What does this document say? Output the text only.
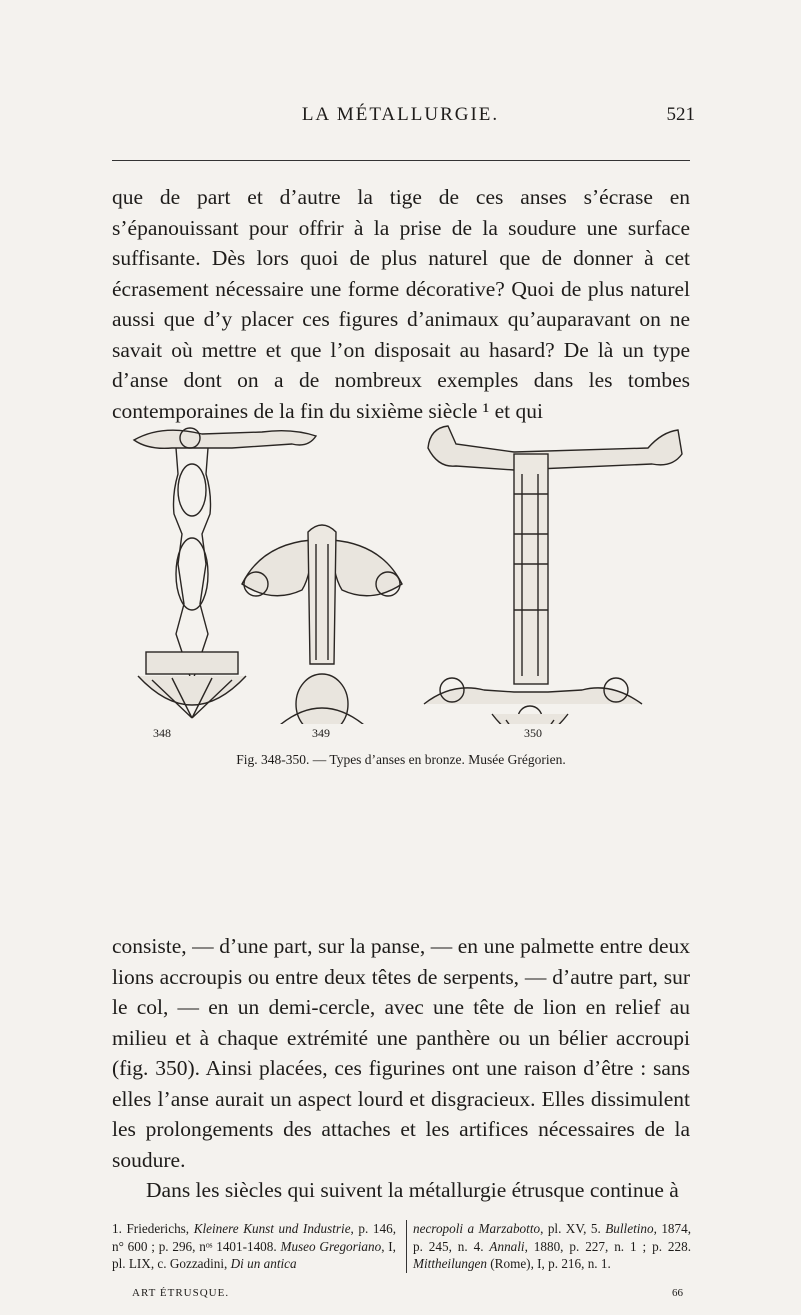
LA MÉTALLURGIE.	521

que de part et d’autre la tige de ces anses s’écrase en s’épanouissant pour offrir à la prise de la soudure une surface suffisante. Dès lors quoi de plus naturel que de donner à cet écrasement nécessaire une forme décorative? Quoi de plus naturel aussi que d’y placer ces figures d’animaux qu’auparavant on ne savait où mettre et que l’on disposait au hasard? De là un type d’anse dont on a de nombreux exemples dans les tombes contemporaines de la fin du sixième siècle ¹ et qui

348	349	350
Fig. 348-350. — Types d’anses en bronze. Musée Grégorien.

consiste, — d’une part, sur la panse, — en une palmette entre deux lions accroupis ou entre deux têtes de serpents, — d’autre part, sur le col, — en un demi-cercle, avec une tête de lion en relief au milieu et à chaque extrémité une panthère ou un bélier accroupi (fig. 350). Ainsi placées, ces figurines ont une raison d’être : sans elles l’anse aurait un aspect lourd et disgracieux. Elles dissimulent les prolongements des attaches et les artifices nécessaires de la soudure.

Dans les siècles qui suivent la métallurgie étrusque continue à

1. Friederichs, Kleinere Kunst und Industrie, p. 146, n° 600 ; p. 296, nᵒˢ 1401-1408. Museo Gregoriano, I, pl. LIX, c. Gozzadini, Di un antica
necropoli a Marzabotto, pl. XV, 5. Bulletino, 1874, p. 245, n. 4. Annali, 1880, p. 227, n. 1 ; p. 228. Mittheilungen (Rome), I, p. 216, n. 1.
ART ÉTRUSQUE.	66
